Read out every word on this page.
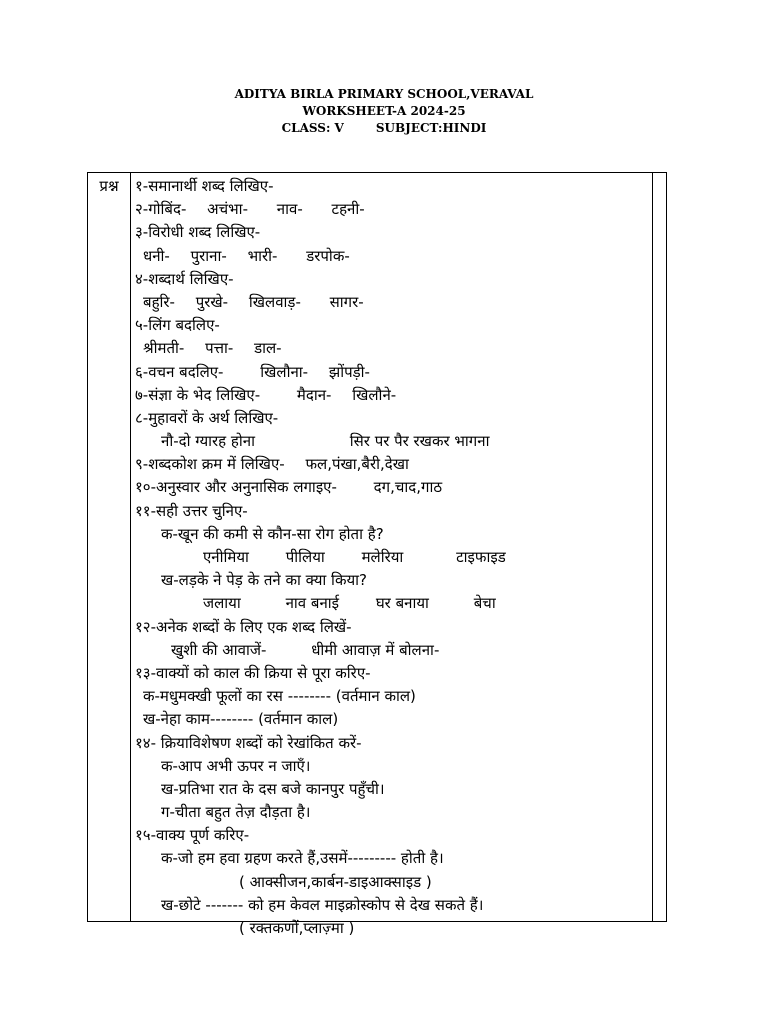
ADITYA BIRLA PRIMARY SCHOOL,VERAVAL
WORKSHEET-A 2024-25
CLASS: V	SUBJECT:HINDI
प्रश्न	१-समानार्थी शब्द लिखिए-
२-गोबिंद- अचंभा- नाव- टहनी-
३-विरोधी शब्द लिखिए-
धनी- पुराना- भारी- डरपोक-
४-शब्दार्थ लिखिए-
बहुरि- पुरखे- खिलवाड़- सागर-
५-लिंग बदलिए-
श्रीमती- पत्ता- डाल-
६-वचन बदलिए- खिलौना- झोंपड़ी-
७-संज्ञा के भेद लिखिए- मैदान- खिलौने-
८-मुहावरों के अर्थ लिखिए-
नौ-दो ग्यारह होना	सिर पर पैर रखकर भागना
९-शब्दकोश क्रम में लिखिए- फल,पंखा,बैरी,देखा
१०-अनुस्वार और अनुनासिक लगाइए- दग,चाद,गाठ
११-सही उत्तर चुनिए-
क-खून की कमी से कौन-सा रोग होता है?
एनीमिया पीलिया मलेरिया	टाइफाइड
ख-लड़के ने पेड़ के तने का क्या किया?
जलाया	नाव बनाई घर बनाया	बेचा
१२-अनेक शब्दों के लिए एक शब्द लिखें-
खुशी की आवाजें-	धीमी आवाज़ में बोलना-
१३-वाक्यों को काल की क्रिया से पूरा करिए-
क-मधुमक्खी फूलों का रस -------- (वर्तमान काल)
ख-नेहा काम-------- (वर्तमान काल)
१४- क्रियाविशेषण शब्दों को रेखांकित करें-
क-आप अभी ऊपर न जाएँ।
ख-प्रतिभा रात के दस बजे कानपुर पहुँची।
ग-चीता बहुत तेज़ दौड़ता है।
१५-वाक्य पूर्ण करिए-
क-जो हम हवा ग्रहण करते हैं,उसमें--------- होती है।
( आक्सीजन,कार्बन-डाइआक्साइड )
ख-छोटे ------- को हम केवल माइक्रोस्कोप से देख सकते हैं।
( रक्तकणों,प्लाज़्मा )
